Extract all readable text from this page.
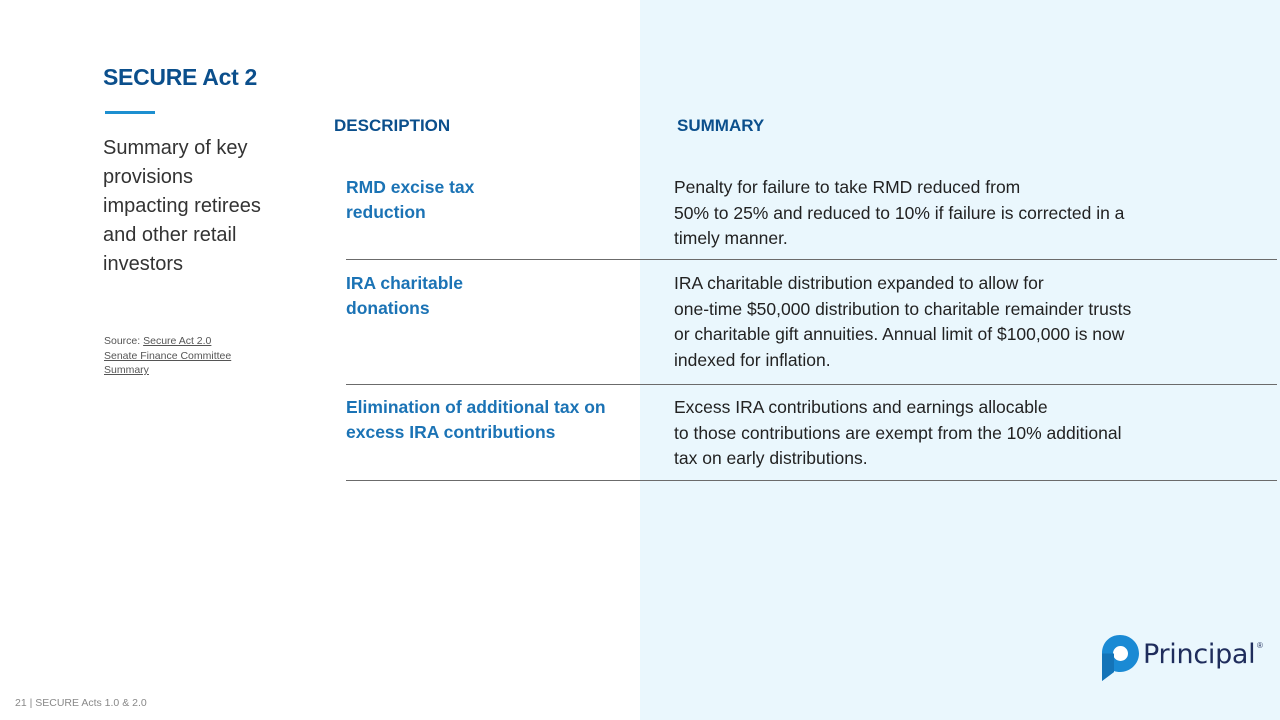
SECURE Act 2
Summary of key provisions impacting retirees and other retail investors
Source: Secure Act 2.0 Senate Finance Committee Summary
DESCRIPTION	SUMMARY
RMD excise tax
reduction
Penalty for failure to take RMD reduced from
50% to 25% and reduced to 10% if failure is corrected in a
timely manner.
IRA charitable
donations
IRA charitable distribution expanded to allow for
one-time $50,000 distribution to charitable remainder trusts
or charitable gift annuities. Annual limit of $100,000 is now
indexed for inflation.
Elimination of additional tax on
excess IRA contributions
Excess IRA contributions and earnings allocable
to those contributions are exempt from the 10% additional
tax on early distributions.
21 | SECURE Acts 1.0 & 2.0
Principal ®
